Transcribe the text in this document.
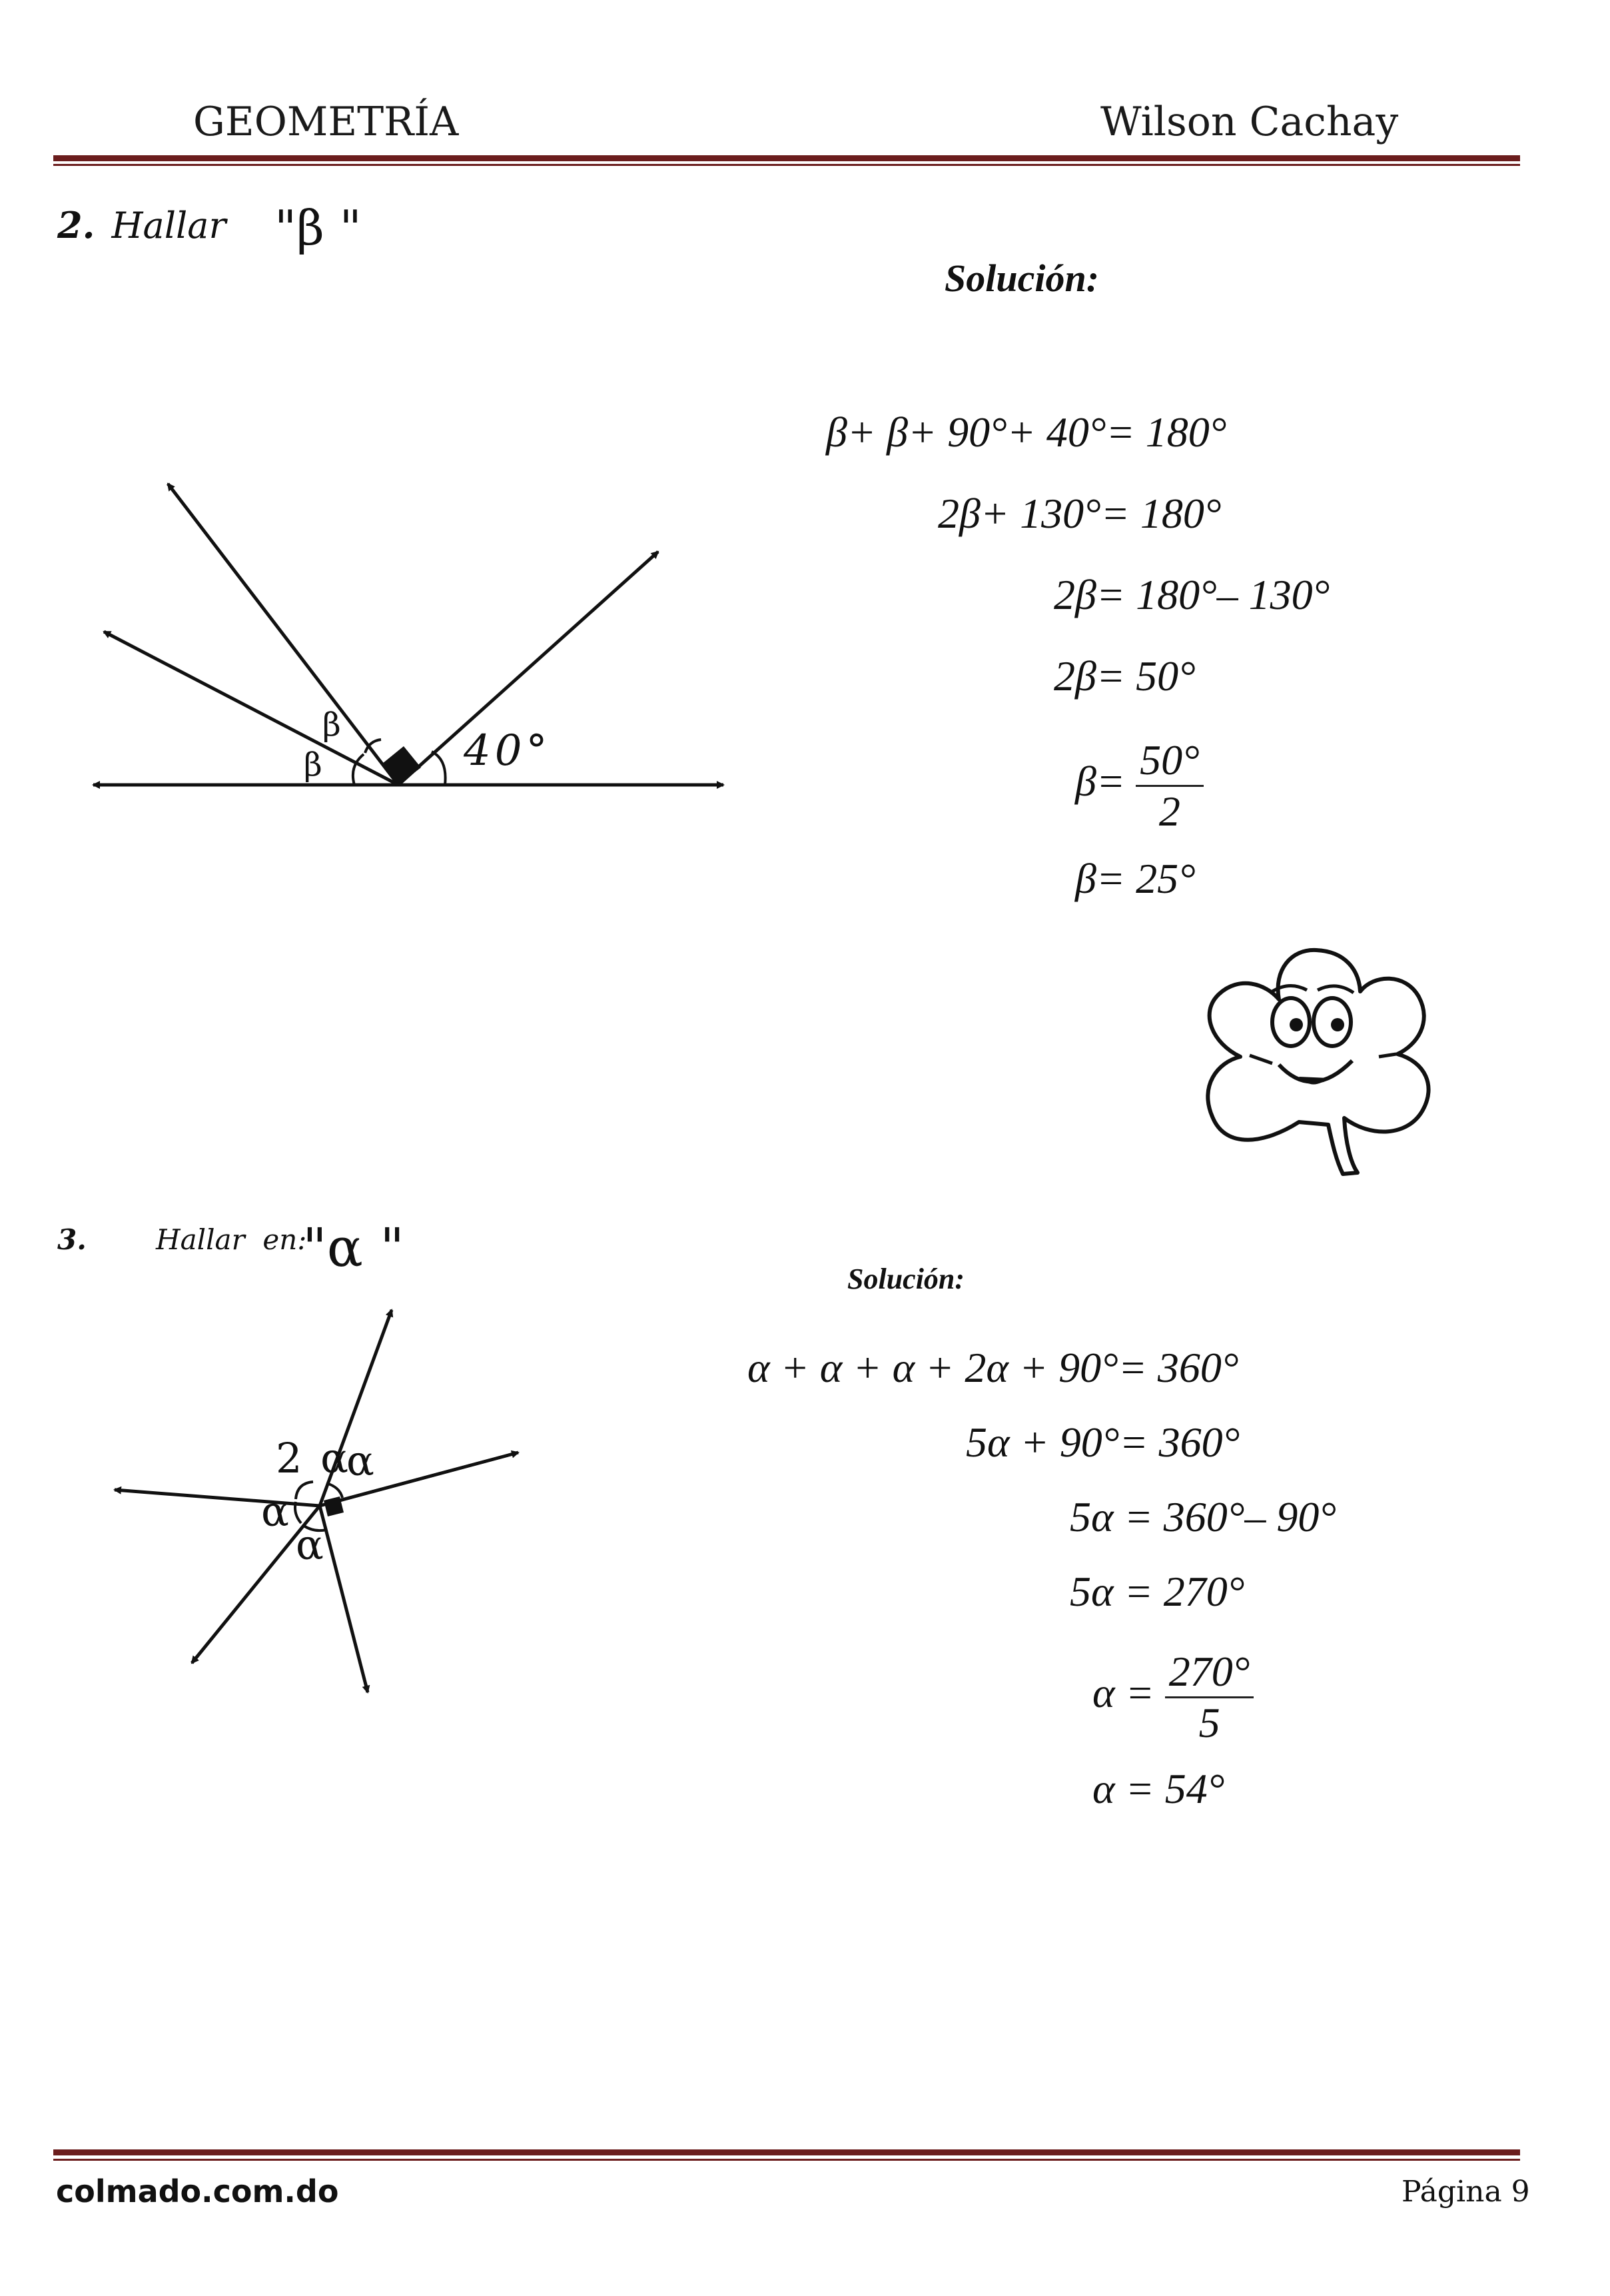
GEOMETRÍA	Wilson Cachay
2. Hallar "β "
Solución:
β
β	40°
β+ β+ 90°+ 40°= 180°
2β+ 130°= 180°
2β= 180°– 130°
2β= 50°
$\beta= \frac{50^\circ}{2}$
β= 25°
3. Hallar  en:
"α "
Solución:
2 α
α
α
α
α + α + α + 2α + 90°= 360°
5α + 90°= 360°
5α = 360°– 90°
5α = 270°
$\alpha = \frac{270^\circ}{5}$
α = 54°
colmado.com.do	Página 9
